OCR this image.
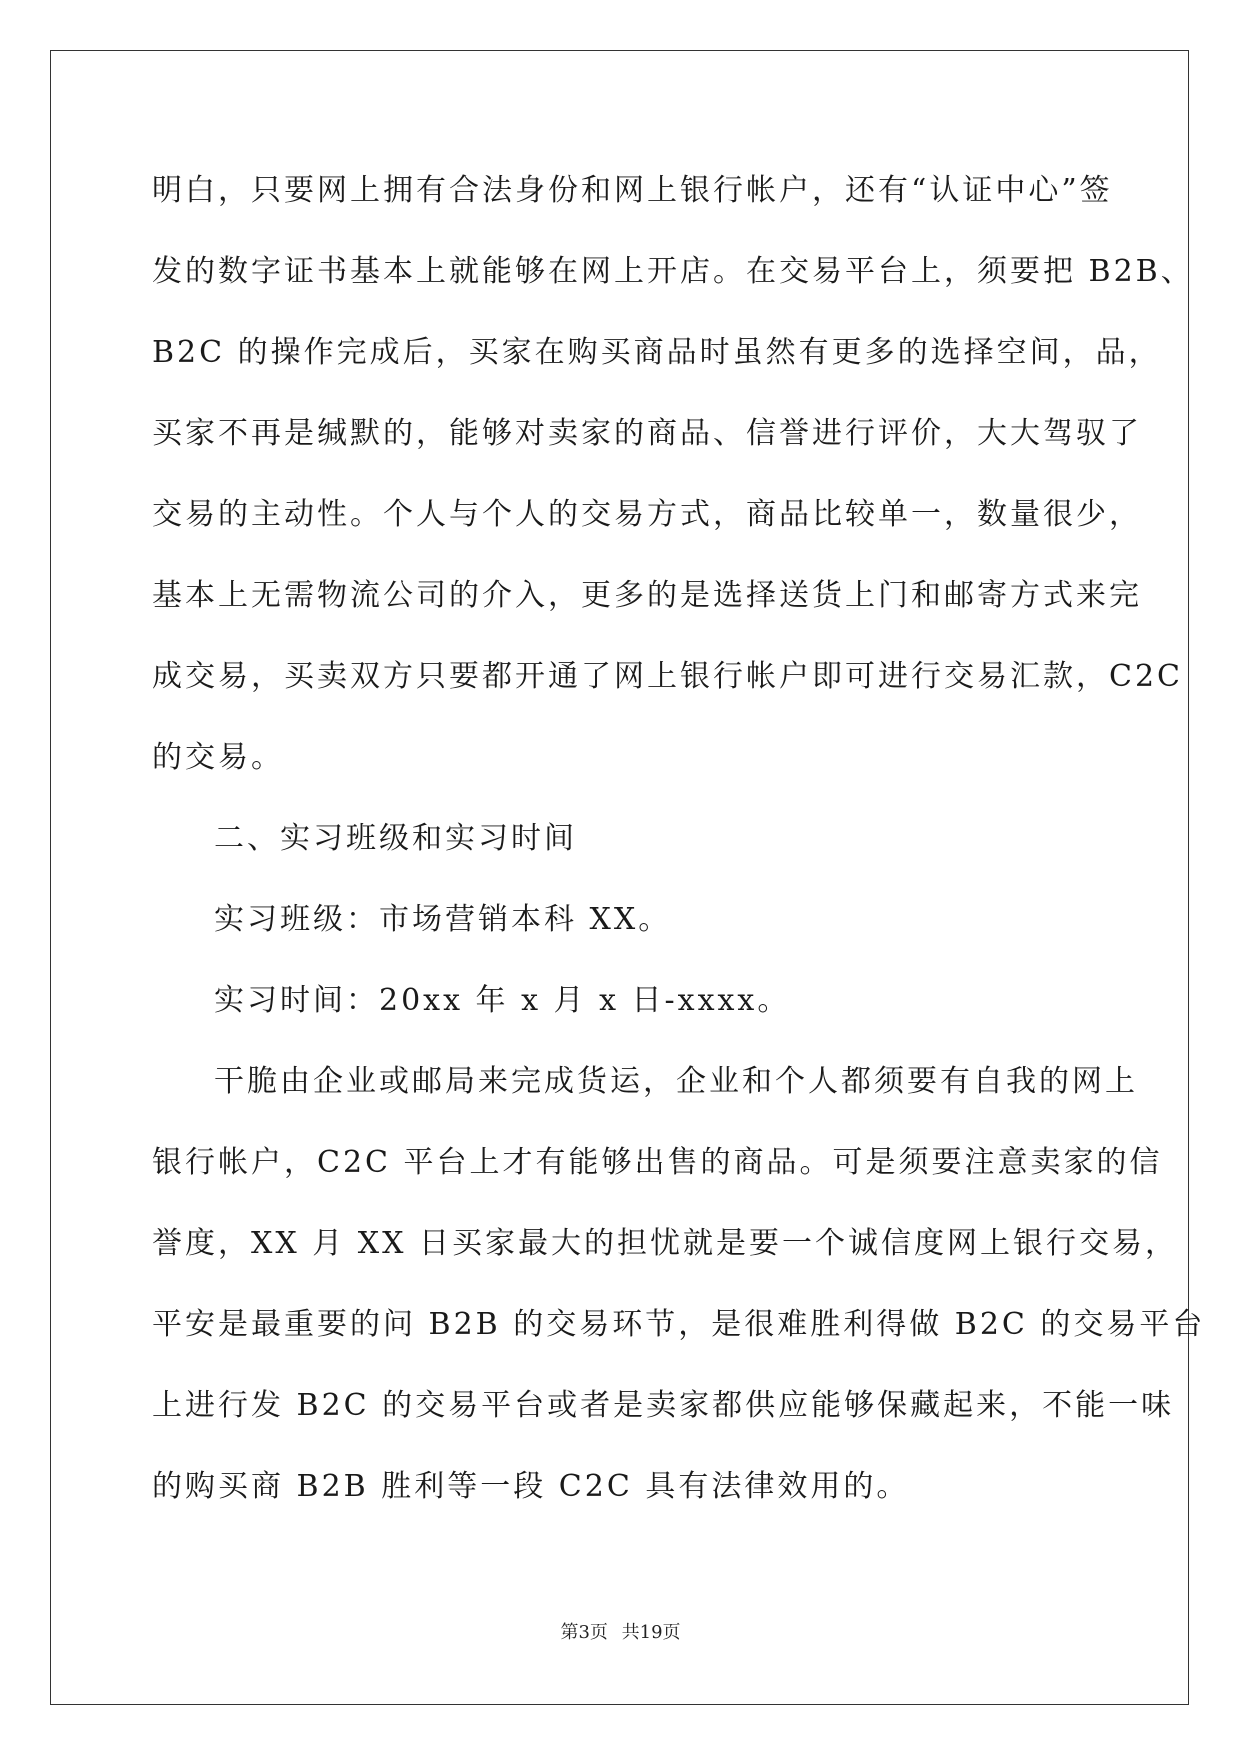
明白，只要网上拥有合法身份和网上银行帐户，还有“认证中心”签
发的数字证书基本上就能够在网上开店。在交易平台上，须要把 B2B、
B2C 的操作完成后，买家在购买商品时虽然有更多的选择空间，品，
买家不再是缄默的，能够对卖家的商品、信誉进行评价，大大驾驭了
交易的主动性。个人与个人的交易方式，商品比较单一，数量很少，
基本上无需物流公司的介入，更多的是选择送货上门和邮寄方式来完
成交易，买卖双方只要都开通了网上银行帐户即可进行交易汇款，C2C
的交易。
二、实习班级和实习时间
实习班级：市场营销本科 XX。
实习时间：20xx 年 x 月 x 日-xxxx。
干脆由企业或邮局来完成货运，企业和个人都须要有自我的网上
银行帐户，C2C 平台上才有能够出售的商品。可是须要注意卖家的信
誉度，XX 月 XX 日买家最大的担忧就是要一个诚信度网上银行交易，
平安是最重要的问 B2B 的交易环节，是很难胜利得做 B2C 的交易平台
上进行发 B2C 的交易平台或者是卖家都供应能够保藏起来，不能一味
的购买商 B2B 胜利等一段 C2C 具有法律效用的。
第3页 共19页
